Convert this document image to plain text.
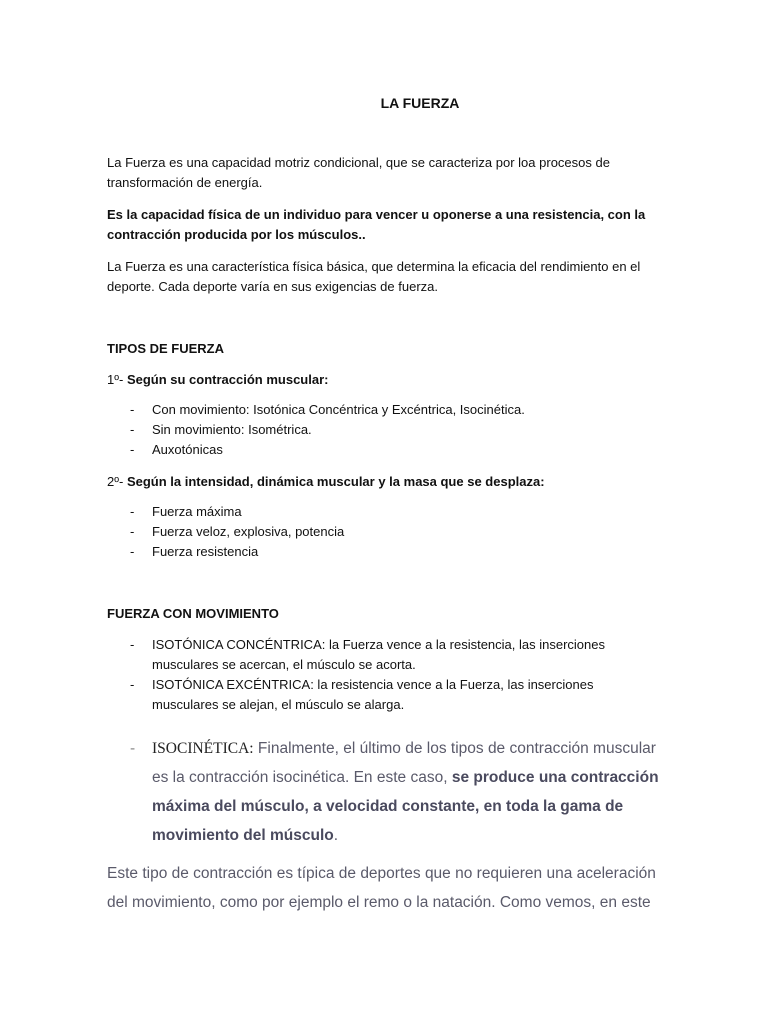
LA FUERZA
La Fuerza es una capacidad motriz condicional, que se caracteriza por loa procesos de transformación de energía.
Es la capacidad física de un individuo para vencer u oponerse a una resistencia, con la contracción producida por los músculos..
La Fuerza es una característica física básica, que determina la eficacia del rendimiento en el deporte. Cada deporte varía en sus exigencias de fuerza.
TIPOS DE FUERZA
1º- Según su contracción muscular:
- Con movimiento: Isotónica Concéntrica y Excéntrica, Isocinética.
- Sin movimiento: Isométrica.
- Auxotónicas
2º- Según la intensidad, dinámica muscular y la masa que se desplaza:
- Fuerza máxima
- Fuerza veloz, explosiva, potencia
- Fuerza resistencia
FUERZA CON MOVIMIENTO
- ISOTÓNICA CONCÉNTRICA: la Fuerza vence a la resistencia, las inserciones musculares se acercan, el músculo se acorta.
- ISOTÓNICA EXCÉNTRICA: la resistencia vence a la Fuerza, las inserciones musculares se alejan, el músculo se alarga.
-	ISOCINÉTICA: Finalmente, el último de los tipos de contracción muscular es la contracción isocinética. En este caso, se produce una contracción máxima del músculo, a velocidad constante, en toda la gama de movimiento del músculo.
Este tipo de contracción es típica de deportes que no requieren una aceleración del movimiento, como por ejemplo el remo o la natación. Como vemos, en este
